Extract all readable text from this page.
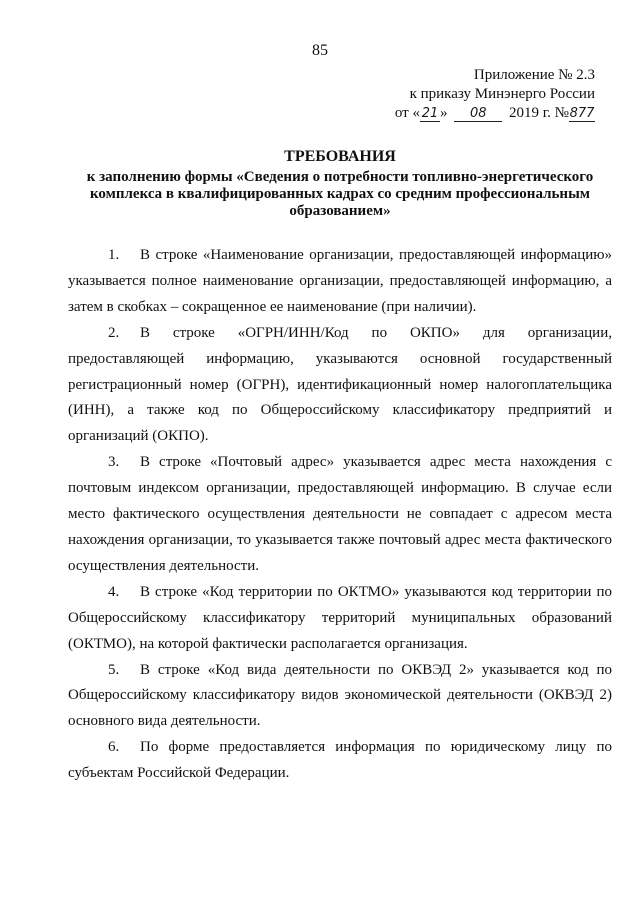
85
Приложение № 2.3
к приказу Минэнерго России
от « 21 » 08 2019 г. №877
ТРЕБОВАНИЯ
к заполнению формы «Сведения о потребности топливно-энергетического комплекса в квалифицированных кадрах со средним профессиональным образованием»

1. В строке «Наименование организации, предоставляющей информацию» указывается полное наименование организации, предоставляющей информацию, а затем в скобках – сокращенное ее наименование (при наличии).

2. В строке «ОГРН/ИНН/Код по ОКПО» для организации, предоставляющей информацию, указываются основной государственный регистрационный номер (ОГРН), идентификационный номер налогоплательщика (ИНН), а также код по Общероссийскому классификатору предприятий и организаций (ОКПО).

3. В строке «Почтовый адрес» указывается адрес места нахождения с почтовым индексом организации, предоставляющей информацию. В случае если место фактического осуществления деятельности не совпадает с адресом места нахождения организации, то указывается также почтовый адрес места фактического осуществления деятельности.

4. В строке «Код территории по ОКТМО» указываются код территории по Общероссийскому классификатору территорий муниципальных образований (ОКТМО), на которой фактически располагается организация.

5. В строке «Код вида деятельности по ОКВЭД 2» указывается код по Общероссийскому классификатору видов экономической деятельности (ОКВЭД 2) основного вида деятельности.

6. По форме предоставляется информация по юридическому лицу по субъектам Российской Федерации.
